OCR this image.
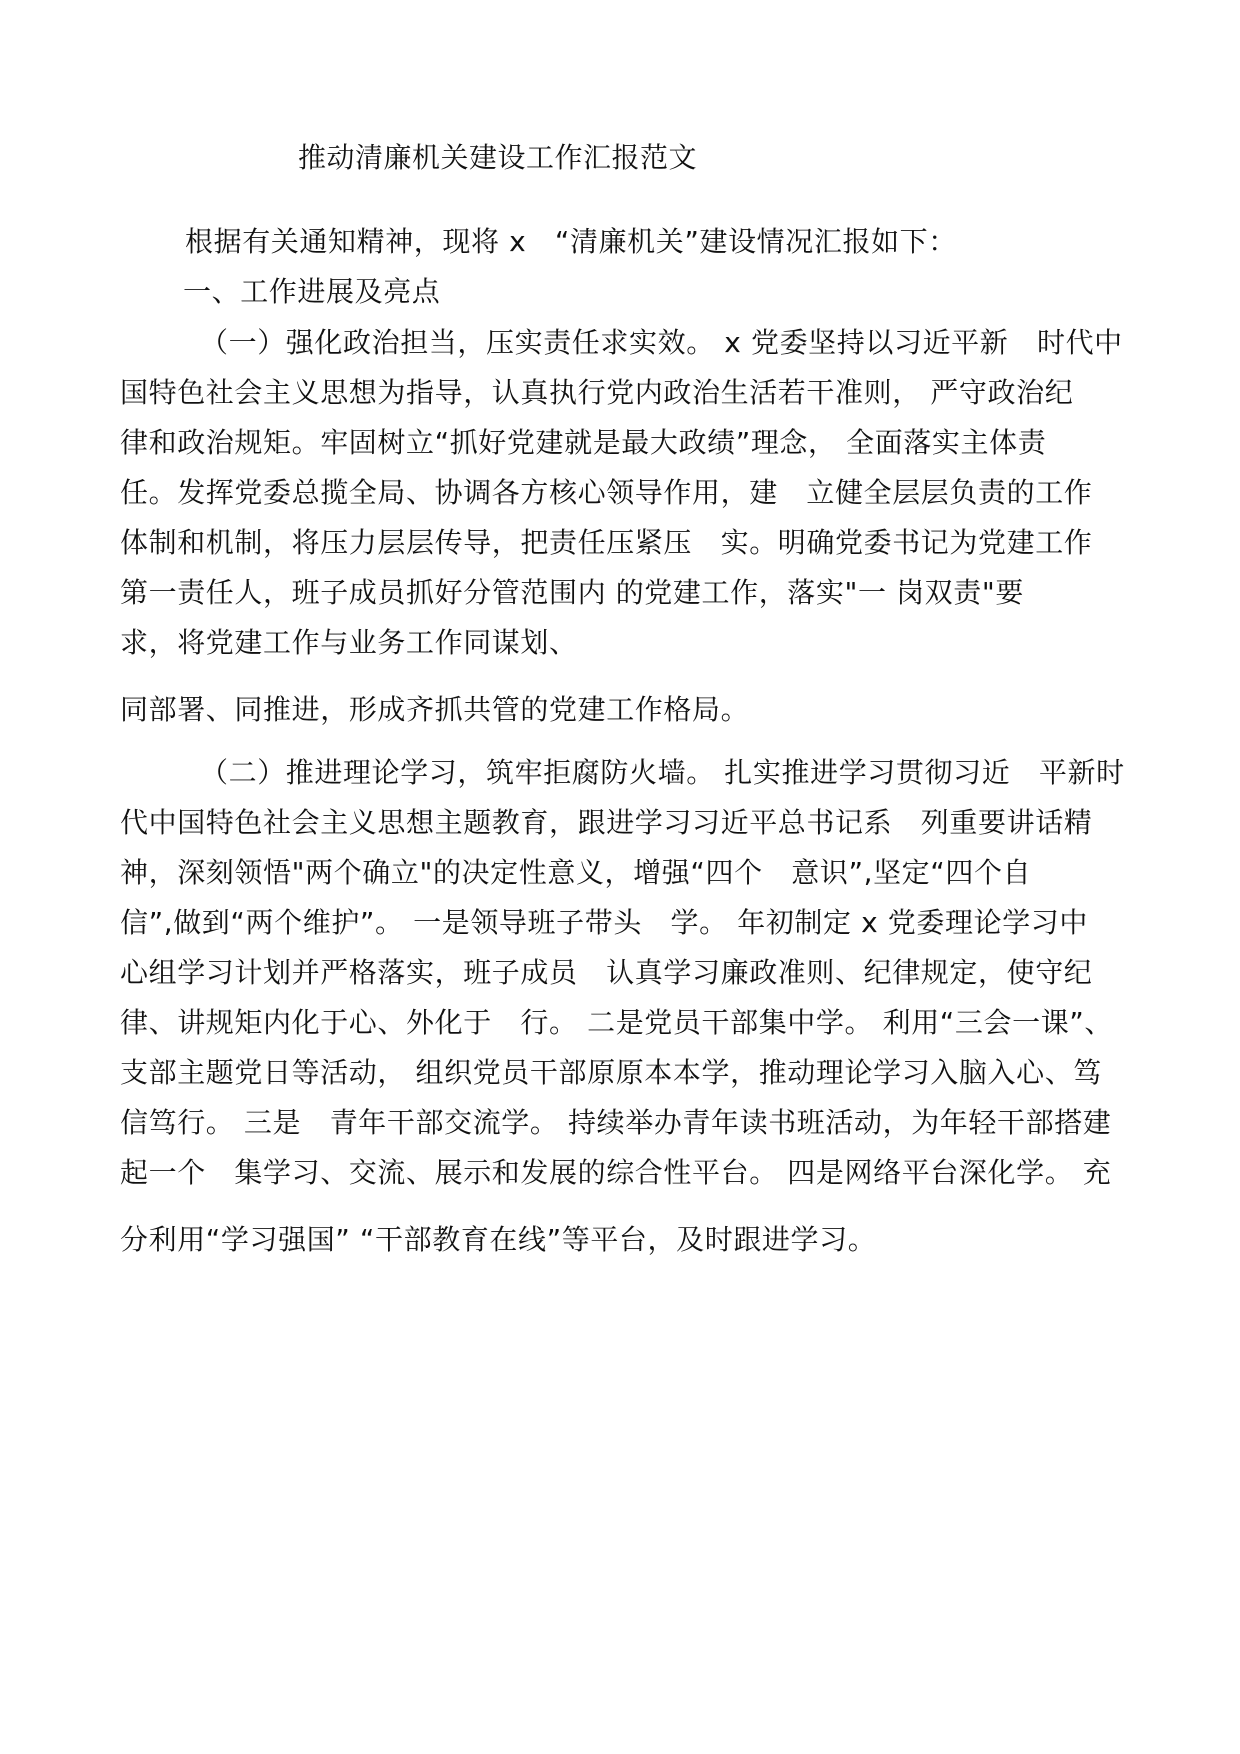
推动清廉机关建设工作汇报范文
根据有关通知精神，现将 x　“清廉机关”建设情况汇报如下：
一、工作进展及亮点
（一）强化政治担当，压实责任求实效。 x 党委坚持以习近平新　时代中
国特色社会主义思想为指导，认真执行党内政治生活若干准则， 严守政治纪
律和政治规矩。牢固树立“抓好党建就是最大政绩”理念， 全面落实主体责
任。发挥党委总揽全局、协调各方核心领导作用，建　立健全层层负责的工作
体制和机制，将压力层层传导，把责任压紧压　实。明确党委书记为党建工作
第一责任人，班子成员抓好分管范围内 的党建工作，落实"一 岗双责"要
求，将党建工作与业务工作同谋划、
同部署、同推进，形成齐抓共管的党建工作格局。
（二）推进理论学习，筑牢拒腐防火墙。 扎实推进学习贯彻习近　平新时
代中国特色社会主义思想主题教育，跟进学习习近平总书记系　列重要讲话精
神，深刻领悟"两个确立"的决定性意义，增强“四个　意识”,坚定“四个自
信”,做到“两个维护”。 一是领导班子带头　学。 年初制定 x 党委理论学习中
心组学习计划并严格落实，班子成员　认真学习廉政准则、纪律规定，使守纪
律、讲规矩内化于心、外化于　行。 二是党员干部集中学。 利用“三会一课”、
支部主题党日等活动， 组织党员干部原原本本学，推动理论学习入脑入心、笃
信笃行。 三是　青年干部交流学。 持续举办青年读书班活动，为年轻干部搭建
起一个　集学习、交流、展示和发展的综合性平台。 四是网络平台深化学。 充
分利用“学习强国” “干部教育在线”等平台，及时跟进学习。
